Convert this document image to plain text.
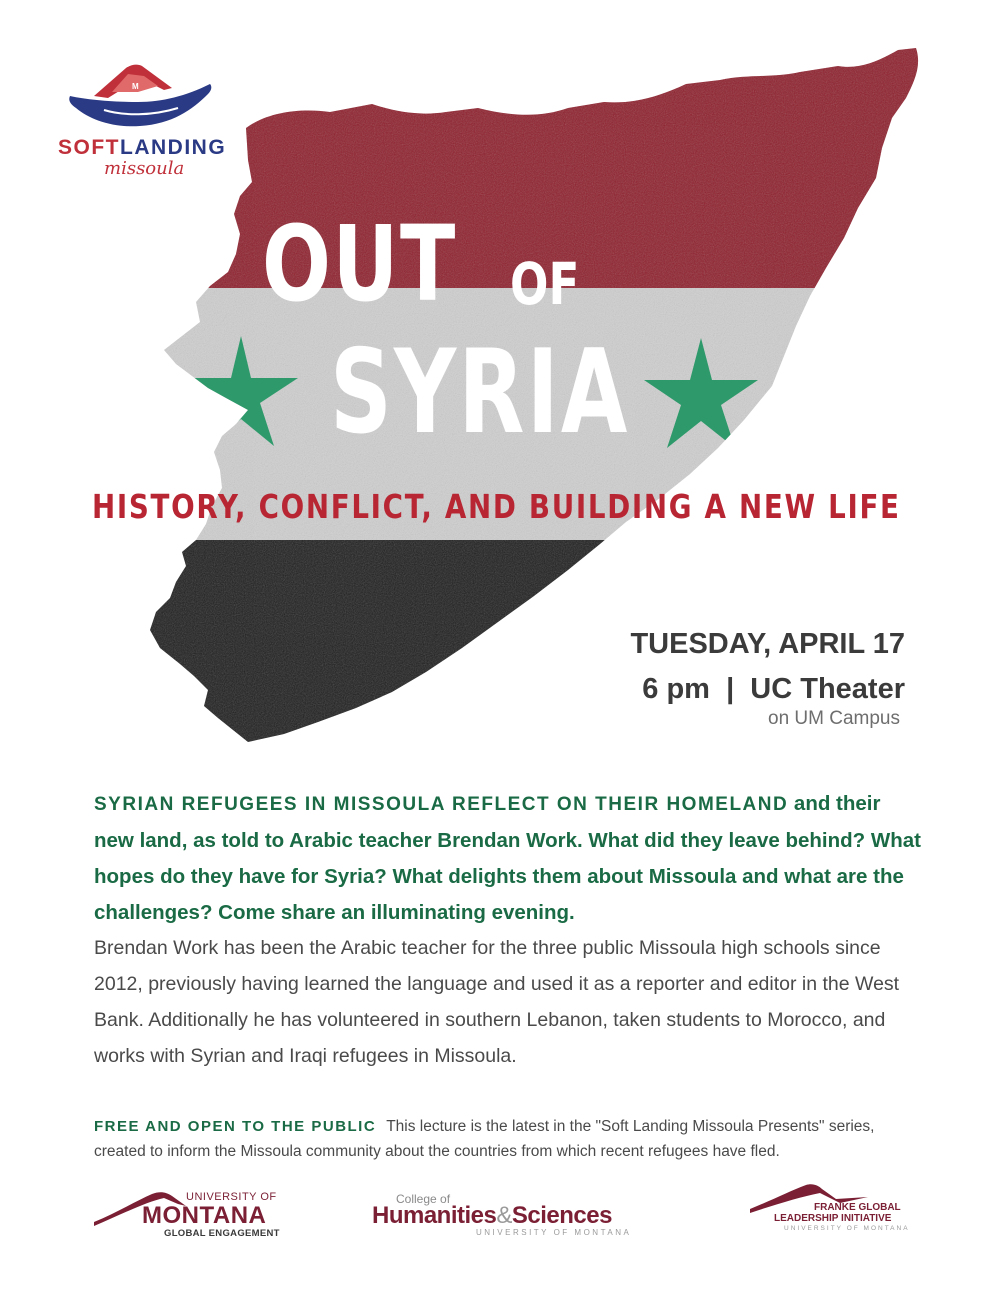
M
SOFTLANDING
missoula
OUT OF
SYRIA
HISTORY, CONFLICT, AND BUILDING A NEW LIFE
TUESDAY, APRIL 17
6 pm  |  UC Theater
on UM Campus
SYRIAN REFUGEES IN MISSOULA REFLECT ON THEIR HOMELAND and their new land, as told to Arabic teacher Brendan Work. What did they leave behind? What hopes do they have for Syria? What delights them about Missoula and what are the challenges? Come share an illuminating evening.
Brendan Work has been the Arabic teacher for the three public Missoula high schools since 2012, previously having learned the language and used it as a reporter and editor in the West Bank. Additionally he has volunteered in southern Lebanon, taken students to Morocco, and works with Syrian and Iraqi refugees in Missoula.
FREE AND OPEN TO THE PUBLIC This lecture is the latest in the "Soft Landing Missoula Presents" series, created to inform the Missoula community about the countries from which recent refugees have fled.
UNIVERSITY OF
MONTANA
GLOBAL ENGAGEMENT
College of
Humanities&Sciences
UNIVERSITY OF MONTANA
FRANKE GLOBAL
LEADERSHIP INITIATIVE
UNIVERSITY OF MONTANA
